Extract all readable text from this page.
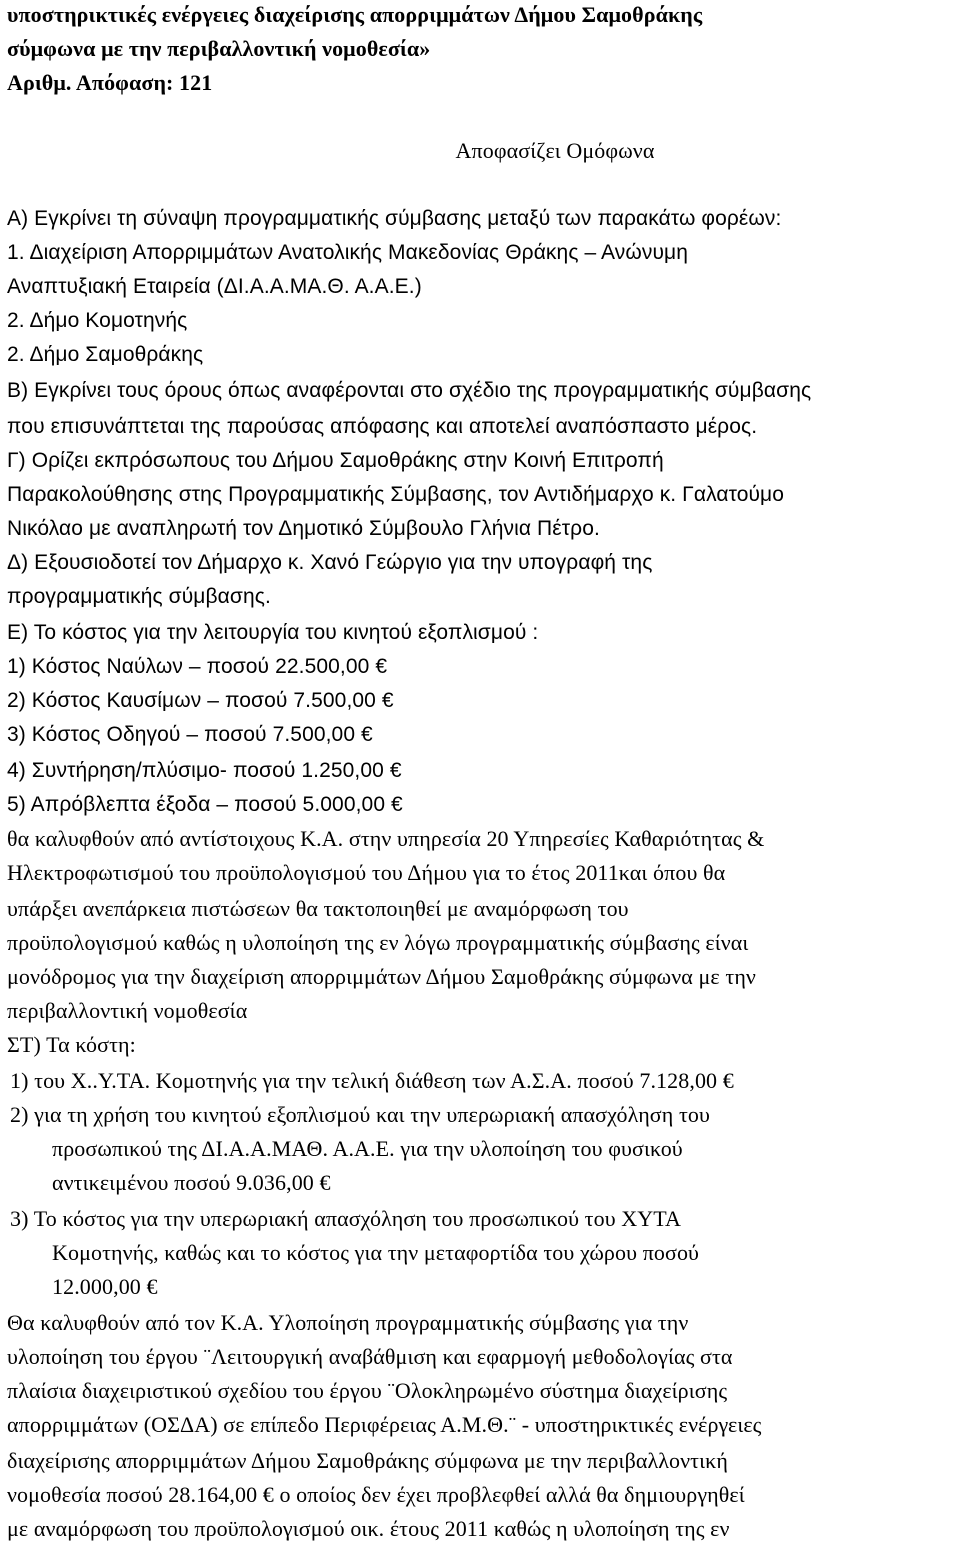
υποστηρικτικές ενέργειες διαχείρισης απορριμμάτων Δήμου Σαμοθράκης
σύμφωνα με την περιβαλλοντική νομοθεσία»
Αριθμ. Απόφαση: 121
Αποφασίζει Ομόφωνα
Α) Εγκρίνει τη σύναψη προγραμματικής σύμβασης μεταξύ των παρακάτω φορέων:
1. Διαχείριση Απορριμμάτων Ανατολικής Μακεδονίας Θράκης – Ανώνυμη
Αναπτυξιακή Εταιρεία (ΔΙ.Α.Α.ΜΑ.Θ. Α.Α.Ε.)
2. Δήμο Κομοτηνής
2. Δήμο Σαμοθράκης
Β) Εγκρίνει τους όρους όπως αναφέρονται στο σχέδιο της προγραμματικής σύμβασης
που επισυνάπτεται της παρούσας απόφασης και αποτελεί αναπόσπαστο μέρος.
Γ) Ορίζει εκπρόσωπους του Δήμου Σαμοθράκης στην Κοινή Επιτροπή
Παρακολούθησης στης Προγραμματικής Σύμβασης, τον Αντιδήμαρχο κ. Γαλατούμο
Νικόλαο με αναπληρωτή τον Δημοτικό Σύμβουλο Γλήνια Πέτρο.
Δ) Εξουσιοδοτεί τον Δήμαρχο κ. Χανό Γεώργιο για την υπογραφή της
προγραμματικής σύμβασης.
Ε) Το κόστος για την λειτουργία του κινητού εξοπλισμού :
1) Κόστος Ναύλων – ποσού 22.500,00 €
2) Κόστος Καυσίμων – ποσού 7.500,00 €
3) Κόστος Οδηγού – ποσού 7.500,00 €
4) Συντήρηση/πλύσιμο- ποσού 1.250,00 €
5) Απρόβλεπτα έξοδα – ποσού 5.000,00 €
θα καλυφθούν από αντίστοιχους Κ.Α. στην υπηρεσία 20 Υπηρεσίες Καθαριότητας &
Ηλεκτροφωτισμού του προϋπολογισμού του Δήμου για το έτος 2011και όπου θα
υπάρξει ανεπάρκεια πιστώσεων θα τακτοποιηθεί με αναμόρφωση του
προϋπολογισμού καθώς η υλοποίηση της εν λόγω προγραμματικής σύμβασης είναι
μονόδρομος για την διαχείριση απορριμμάτων Δήμου Σαμοθράκης σύμφωνα με την
περιβαλλοντική νομοθεσία
ΣΤ) Τα κόστη:
1) του Χ..Υ.ΤΑ. Κομοτηνής για την τελική διάθεση των Α.Σ.Α. ποσού 7.128,00 €
2) για τη χρήση του κινητού εξοπλισμού και την υπερωριακή απασχόληση του
προσωπικού της ΔΙ.Α.Α.ΜΑΘ. Α.Α.Ε. για την υλοποίηση του φυσικού
αντικειμένου ποσού 9.036,00 €
3) Το κόστος για την υπερωριακή απασχόληση του προσωπικού του ΧΥΤΑ
Κομοτηνής, καθώς και το κόστος για την μεταφορτίδα του χώρου ποσού
12.000,00 €
Θα καλυφθούν από τον Κ.Α. Υλοποίηση προγραμματικής σύμβασης για την
υλοποίηση του έργου ¨Λειτουργική αναβάθμιση και εφαρμογή μεθοδολογίας στα
πλαίσια διαχειριστικού σχεδίου του έργου ¨Ολοκληρωμένο σύστημα διαχείρισης
απορριμμάτων (ΟΣΔΑ) σε επίπεδο Περιφέρειας Α.Μ.Θ.¨ - υποστηρικτικές ενέργειες
διαχείρισης απορριμμάτων Δήμου Σαμοθράκης σύμφωνα με την περιβαλλοντική
νομοθεσία ποσού 28.164,00 € ο οποίος δεν έχει προβλεφθεί αλλά θα δημιουργηθεί
με αναμόρφωση του προϋπολογισμού οικ. έτους 2011 καθώς η υλοποίηση της εν
